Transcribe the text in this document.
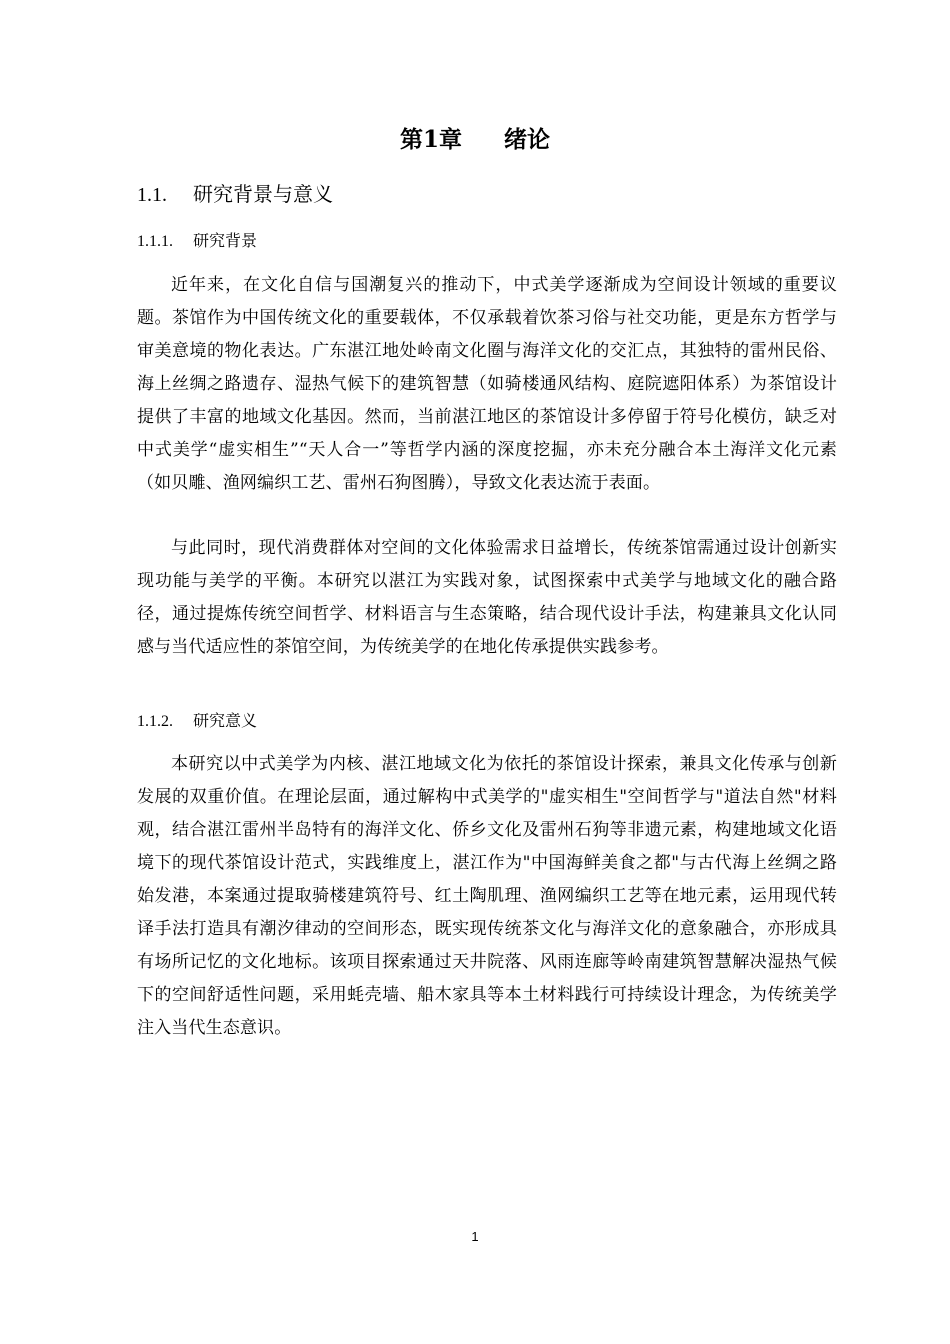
第1章 绪论
1.1. 研究背景与意义
1.1.1. 研究背景

近年来，在文化自信与国潮复兴的推动下，中式美学逐渐成为空间设计领域的重要议题。茶馆作为中国传统文化的重要载体，不仅承载着饮茶习俗与社交功能，更是东方哲学与审美意境的物化表达。广东湛江地处岭南文化圈与海洋文化的交汇点，其独特的雷州民俗、海上丝绸之路遗存、湿热气候下的建筑智慧（如骑楼通风结构、庭院遮阳体系）为茶馆设计提供了丰富的地域文化基因。然而，当前湛江地区的茶馆设计多停留于符号化模仿，缺乏对中式美学“虚实相生”“天人合一”等哲学内涵的深度挖掘，亦未充分融合本土海洋文化元素（如贝雕、渔网编织工艺、雷州石狗图腾），导致文化表达流于表面。

与此同时，现代消费群体对空间的文化体验需求日益增长，传统茶馆需通过设计创新实现功能与美学的平衡。本研究以湛江为实践对象，试图探索中式美学与地域文化的融合路径，通过提炼传统空间哲学、材料语言与生态策略，结合现代设计手法，构建兼具文化认同感与当代适应性的茶馆空间，为传统美学的在地化传承提供实践参考。

1.1.2. 研究意义

本研究以中式美学为内核、湛江地域文化为依托的茶馆设计探索，兼具文化传承与创新发展的双重价值。在理论层面，通过解构中式美学的"虚实相生"空间哲学与"道法自然"材料观，结合湛江雷州半岛特有的海洋文化、侨乡文化及雷州石狗等非遗元素，构建地域文化语境下的现代茶馆设计范式，实践维度上，湛江作为"中国海鲜美食之都"与古代海上丝绸之路始发港，本案通过提取骑楼建筑符号、红土陶肌理、渔网编织工艺等在地元素，运用现代转译手法打造具有潮汐律动的空间形态，既实现传统茶文化与海洋文化的意象融合，亦形成具有场所记忆的文化地标。该项目探索通过天井院落、风雨连廊等岭南建筑智慧解决湿热气候下的空间舒适性问题，采用蚝壳墙、船木家具等本土材料践行可持续设计理念，为传统美学注入当代生态意识。

1
